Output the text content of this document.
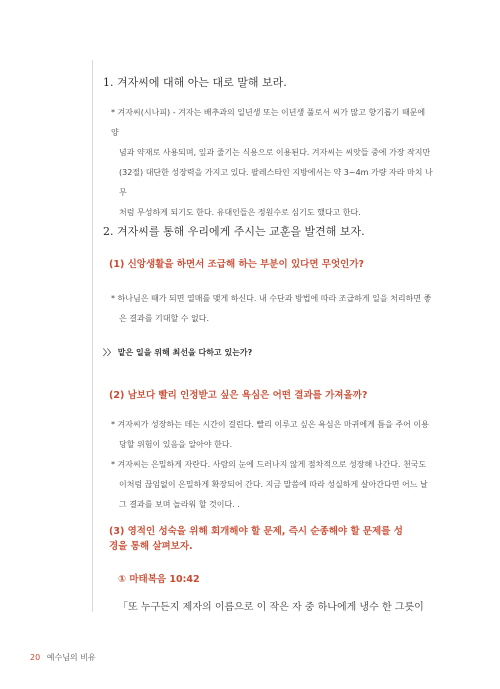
1. 겨자씨에 대해 아는 대로 말해 보라.
* 겨자씨(시나피) - 겨자는 배추과의 일년생 또는 이년생 풀로서 씨가 많고 향기롭기 때문에 양
념과 약재로 사용되며, 잎과 줄기는 식용으로 이용된다. 겨자씨는 씨앗들 중에 가장 작지만
(32절) 대단한 성장력을 가지고 있다. 팔레스타인 지방에서는 약 3~4m 가량 자라 마치 나무
처럼 무성하게 되기도 한다. 유대인들은 정원수로 심기도 했다고 한다.
2. 겨자씨를 통해 우리에게 주시는 교훈을 발견해 보자.
(1) 신앙생활을 하면서 조급해 하는 부분이 있다면 무엇인가?
* 하나님은 때가 되면 열매를 맺게 하신다. 내 수단과 방법에 따라 조급하게 일을 처리하면 좋
은 결과를 기대할 수 없다.
〉〉 맡은 일을 위해 최선을 다하고 있는가?
(2) 남보다 빨리 인정받고 싶은 욕심은 어떤 결과를 가져올까?
* 겨자씨가 성장하는 데는 시간이 걸린다. 빨리 이루고 싶은 욕심은 마귀에게 틈을 주어 이용
당할 위험이 있음을 알아야 한다.
* 겨자씨는 은밀하게 자란다. 사람의 눈에 드러나지 않게 점차적으로 성장해 나간다. 천국도
이처럼 끊임없이 은밀하게 확장되어 간다. 지금 말씀에 따라 성실하게 살아간다면 어느 날
그 결과를 보며 놀라워 할 것이다. .
(3) 영적인 성숙을 위해 회개해야 할 문제, 즉시 순종해야 할 문제를 성경을 통해 살펴보자.
① 마태복음 10:42
「또 누구든지 제자의 이름으로 이 작은 자 중 하나에게 냉수 한 그릇이
20 예수님의 비유
